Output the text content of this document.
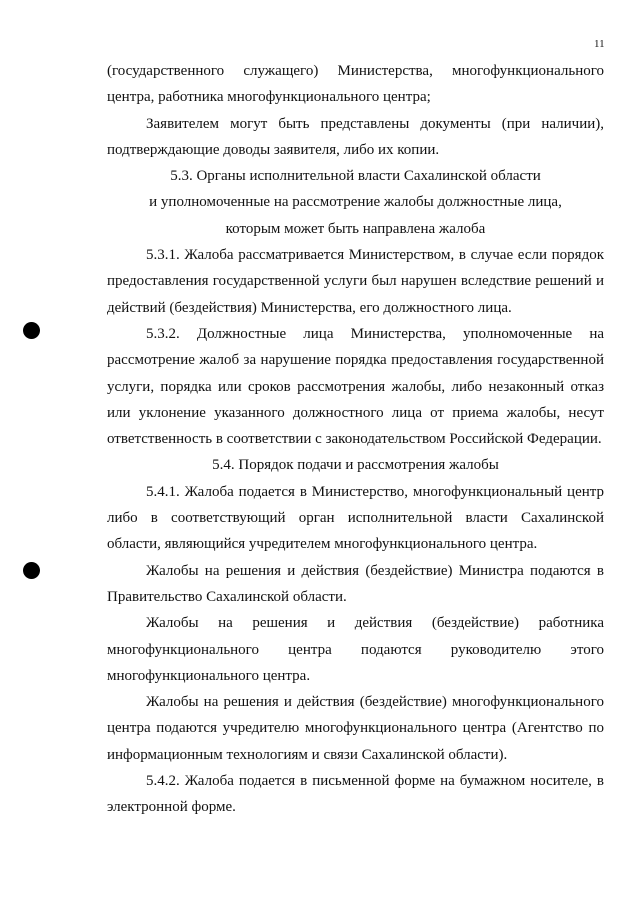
11

(государственного служащего) Министерства, многофункционального центра, работника многофункционального центра;

Заявителем могут быть представлены документы (при наличии), подтверждающие доводы заявителя, либо их копии.

5.3. Органы исполнительной власти Сахалинской области

и уполномоченные на рассмотрение жалобы должностные лица,

которым может быть направлена жалоба

5.3.1. Жалоба рассматривается Министерством, в случае если порядок предоставления государственной услуги был нарушен вследствие решений и действий (бездействия) Министерства, его должностного лица.

5.3.2. Должностные лица Министерства, уполномоченные на рассмотрение жалоб за нарушение порядка предоставления государственной услуги, порядка или сроков рассмотрения жалобы, либо незаконный отказ или уклонение указанного должностного лица от приема жалобы, несут ответственность в соответствии с законодательством Российской Федерации.

5.4. Порядок подачи и рассмотрения жалобы

5.4.1. Жалоба подается в Министерство, многофункциональный центр либо в соответствующий орган исполнительной власти Сахалинской области, являющийся учредителем многофункционального центра.

Жалобы на решения и действия (бездействие) Министра подаются в Правительство Сахалинской области.

Жалобы на решения и действия (бездействие) работника многофункционального центра подаются руководителю этого многофункционального центра.

Жалобы на решения и действия (бездействие) многофункционального центра подаются учредителю многофункционального центра (Агентство по информационным технологиям и связи Сахалинской области).

5.4.2. Жалоба подается в письменной форме на бумажном носителе, в электронной форме.
